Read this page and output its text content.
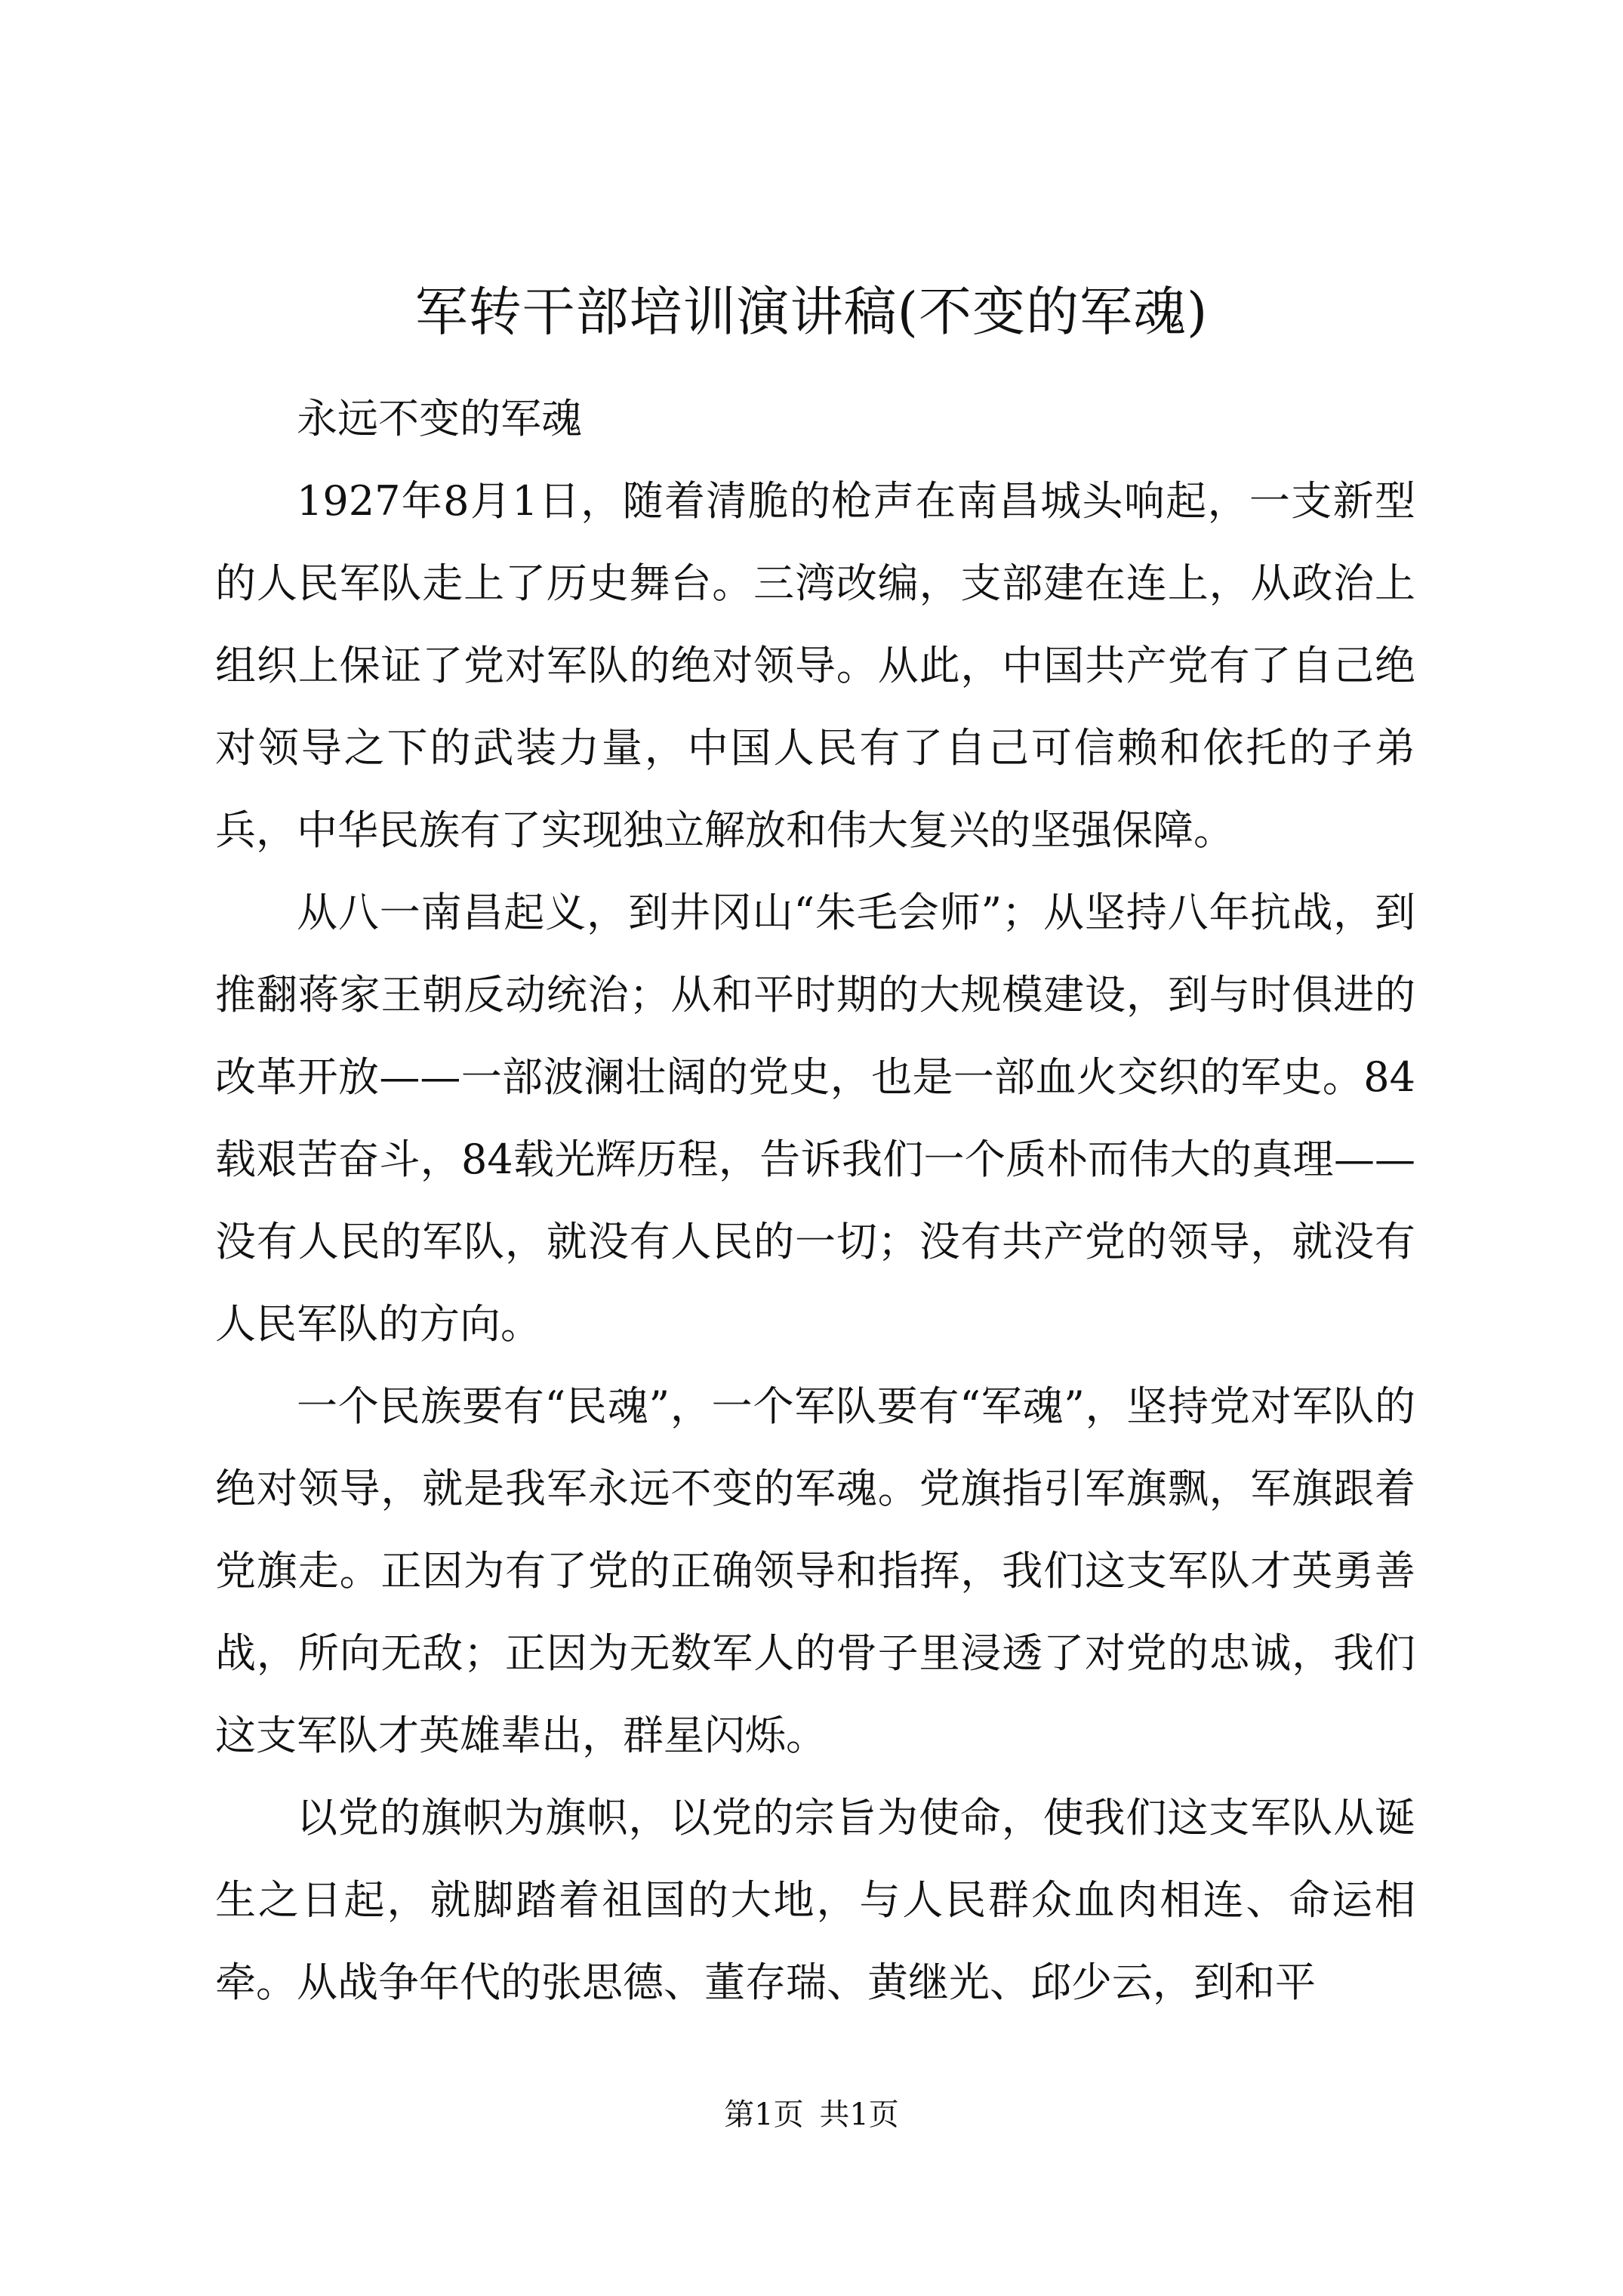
军转干部培训演讲稿(不变的军魂)

永远不变的军魂

1927年8月1日，随着清脆的枪声在南昌城头响起，一支新型的人民军队走上了历史舞台。三湾改编，支部建在连上，从政治上组织上保证了党对军队的绝对领导。从此，中国共产党有了自己绝对领导之下的武装力量，中国人民有了自己可信赖和依托的子弟兵，中华民族有了实现独立解放和伟大复兴的坚强保障。

从八一南昌起义，到井冈山“朱毛会师”；从坚持八年抗战，到推翻蒋家王朝反动统治；从和平时期的大规模建设，到与时俱进的改革开放——一部波澜壮阔的党史，也是一部血火交织的军史。84载艰苦奋斗，84载光辉历程，告诉我们一个质朴而伟大的真理——没有人民的军队，就没有人民的一切；没有共产党的领导，就没有人民军队的方向。

一个民族要有“民魂”，一个军队要有“军魂”，坚持党对军队的绝对领导，就是我军永远不变的军魂。党旗指引军旗飘，军旗跟着党旗走。正因为有了党的正确领导和指挥，我们这支军队才英勇善战，所向无敌；正因为无数军人的骨子里浸透了对党的忠诚，我们这支军队才英雄辈出，群星闪烁。

以党的旗帜为旗帜，以党的宗旨为使命，使我们这支军队从诞生之日起，就脚踏着祖国的大地，与人民群众血肉相连、命运相牵。从战争年代的张思德、董存瑞、黄继光、邱少云，到和平

第1页 共1页
